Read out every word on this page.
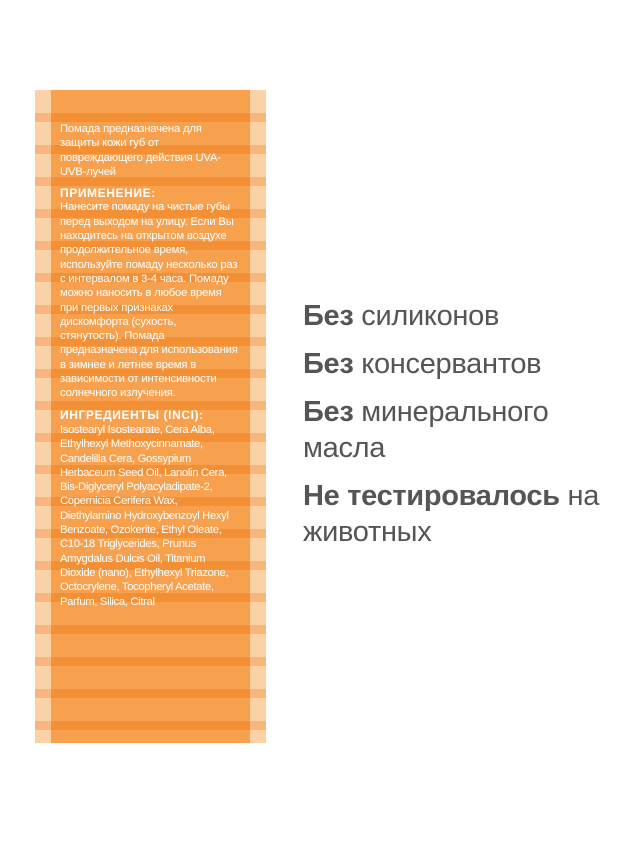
Помада предназначена для защиты кожи губ от повреждающего действия UVA-UVB-лучей

ПРИМЕНЕНИЕ:

Нанесите помаду на чистые губы перед выходом на улицу. Если Вы находитесь на открытом воздухе продолжительное время, используйте помаду несколько раз с интервалом в 3-4 часа. Помаду можно наносить в любое время при первых признаках дискомфорта (сухость, стянутость). Помада предназначена для использования в зимнее и летнее время в зависимости от интенсивности солнечного излучения.

ИНГРЕДИЕНТЫ (INCI):

Isostearyl Isostearate, Cera Alba, Ethylhexyl Methoxycinnamate, Candelilla Cera, Gossypium Herbaceum Seed Oil, Lanolin Cera, Bis-Diglyceryl Polyacyladipate-2, Copernicia Cerifera Wax, Diethylamino Hydroxybenzoyl Hexyl Benzoate, Ozokerite, Ethyl Oleate, C10-18 Triglycerides, Prunus Amygdalus Dulcis Oil, Titanium Dioxide (nano), Ethylhexyl Triazone, Octocrylene, Tocopheryl Acetate, Parfum, Silica, Citral

Без силиконов

Без консервантов

Без минерального масла

Не тестировалось на животных
